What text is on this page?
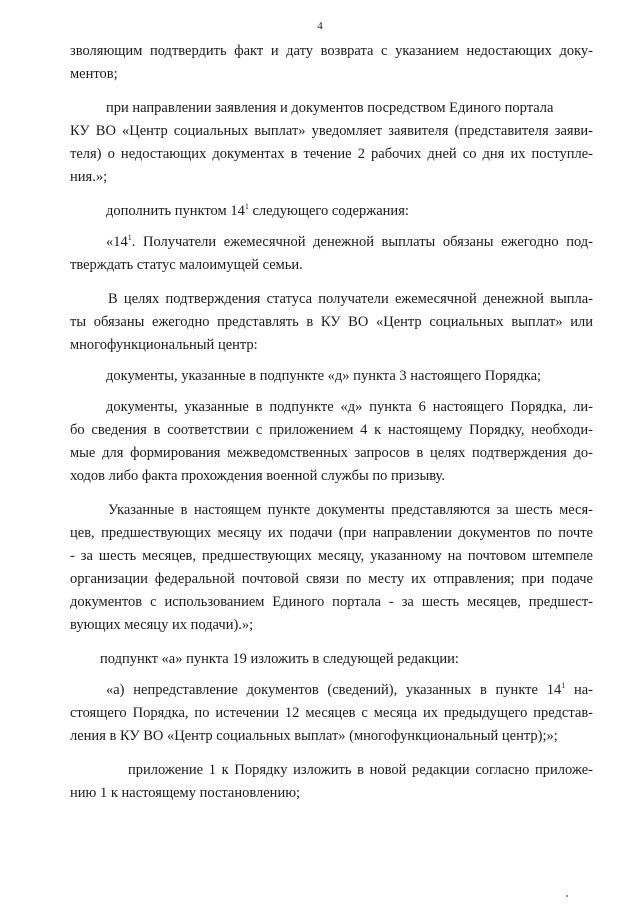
4
зволяющим подтвердить факт и дату возврата с указанием недостающих доку-
ментов;
при направлении заявления и документов посредством Единого портала
КУ ВО «Центр социальных выплат» уведомляет заявителя (представителя заяви-
теля) о недостающих документах в течение 2 рабочих дней со дня их поступле-
ния.»;
дополнить пунктом $14^1$ следующего содержания:
«$14^1$. Получатели ежемесячной денежной выплаты обязаны ежегодно под-
тверждать статус малоимущей семьи.
В целях подтверждения статуса получатели ежемесячной денежной выпла-
ты обязаны ежегодно представлять в КУ ВО «Центр социальных выплат» или
многофункциональный центр:
документы, указанные в подпункте «д» пункта 3 настоящего Порядка;
документы, указанные в подпункте «д» пункта 6 настоящего Порядка, ли-
бо сведения в соответствии с приложением 4 к настоящему Порядку, необходи-
мые для формирования межведомственных запросов в целях подтверждения до-
ходов либо факта прохождения военной службы по призыву.
Указанные в настоящем пункте документы представляются за шесть меся-
цев, предшествующих месяцу их подачи (при направлении документов по почте
- за шесть месяцев, предшествующих месяцу, указанному на почтовом штемпеле
организации федеральной почтовой связи по месту их отправления; при подаче
документов с использованием Единого портала - за шесть месяцев, предшест-
вующих месяцу их подачи).»;
подпункт «а» пункта 19 изложить в следующей редакции:
«а) непредставление документов (сведений), указанных в пункте $14^1$ на-
стоящего Порядка, по истечении 12 месяцев с месяца их предыдущего представ-
ления в КУ ВО «Центр социальных выплат» (многофункциональный центр);»;
приложение 1 к Порядку изложить в новой редакции согласно приложе-
нию 1 к настоящему постановлению;
